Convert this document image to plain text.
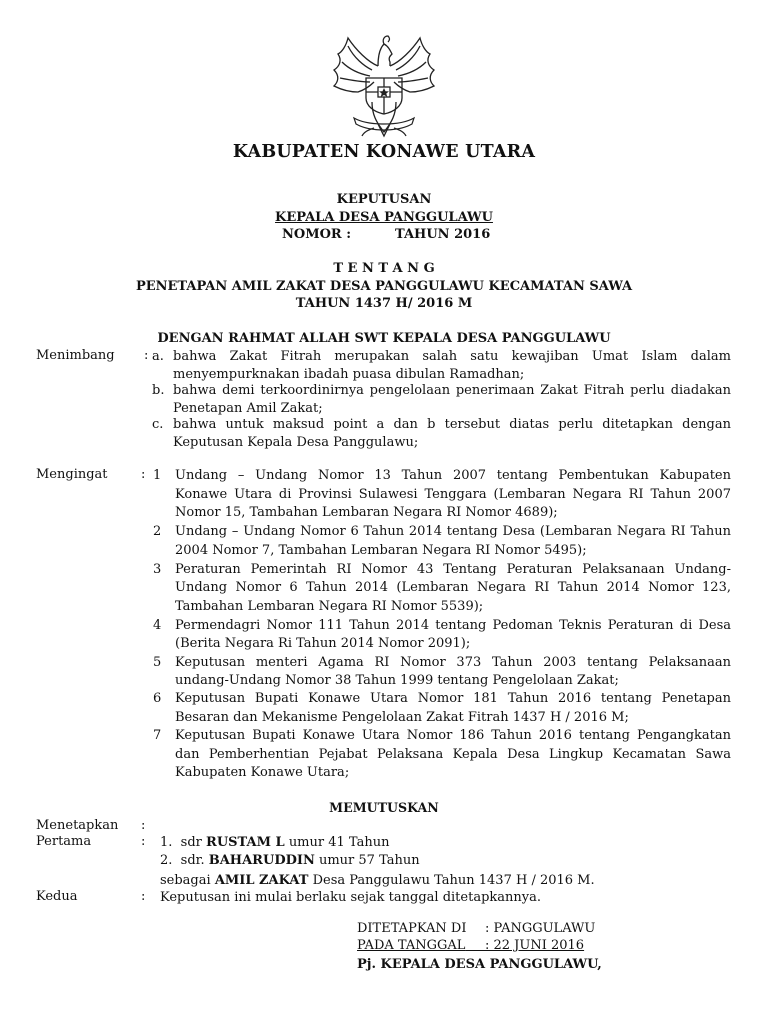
KABUPATEN KONAWE UTARA
KEPUTUSAN
KEPALA DESA PANGGULAWU
NOMOR :	TAHUN 2016
T E N T A N G
PENETAPAN AMIL ZAKAT DESA PANGGULAWU KECAMATAN SAWA
TAHUN 1437 H/ 2016 M
DENGAN RAHMAT ALLAH SWT KEPALA DESA PANGGULAWU
Menimbang : a. bahwa Zakat Fitrah merupakan salah satu kewajiban Umat Islam dalam
menyempurknakan ibadah puasa dibulan Ramadhan;
b. bahwa demi terkoordinirnya pengelolaan penerimaan Zakat Fitrah perlu diadakan
Penetapan Amil Zakat;
c. bahwa untuk maksud point a dan b tersebut diatas perlu ditetapkan dengan
Keputusan Kepala Desa Panggulawu;
Mengingat	: 1 Undang – Undang Nomor 13 Tahun 2007 tentang Pembentukan Kabupaten
Konawe Utara di Provinsi Sulawesi Tenggara (Lembaran Negara RI Tahun 2007
Nomor 15, Tambahan Lembaran Negara RI Nomor 4689);
2 Undang – Undang Nomor 6 Tahun 2014 tentang Desa (Lembaran Negara RI Tahun
2004 Nomor 7, Tambahan Lembaran Negara RI Nomor 5495);
3 Peraturan Pemerintah RI Nomor 43 Tentang Peraturan Pelaksanaan Undang-
Undang Nomor 6 Tahun 2014 (Lembaran Negara RI Tahun 2014 Nomor 123,
Tambahan Lembaran Negara RI Nomor 5539);
4 Permendagri Nomor 111 Tahun 2014 tentang Pedoman Teknis Peraturan di Desa
(Berita Negara Ri Tahun 2014 Nomor 2091);
5 Keputusan menteri Agama RI Nomor 373 Tahun 2003 tentang Pelaksanaan
undang-Undang Nomor 38 Tahun 1999 tentang Pengelolaan Zakat;
6 Keputusan Bupati Konawe Utara Nomor 181 Tahun 2016 tentang Penetapan
Besaran dan Mekanisme Pengelolaan Zakat Fitrah 1437 H / 2016 M;
7 Keputusan Bupati Konawe Utara Nomor 186 Tahun 2016 tentang Pengangkatan
dan Pemberhentian Pejabat Pelaksana Kepala Desa Lingkup Kecamatan Sawa
Kabupaten Konawe Utara;
MEMUTUSKAN
Menetapkan :
Pertama	: 1. sdr RUSTAM L umur 41 Tahun
2. sdr. BAHARUDDIN umur 57 Tahun
sebagai AMIL ZAKAT Desa Panggulawu Tahun 1437 H / 2016 M.
Kedua	: Keputusan ini mulai berlaku sejak tanggal ditetapkannya.
DITETAPKAN DI : PANGGULAWU
PADA TANGGAL	: 22 JUNI 2016
Pj. KEPALA DESA PANGGULAWU,
